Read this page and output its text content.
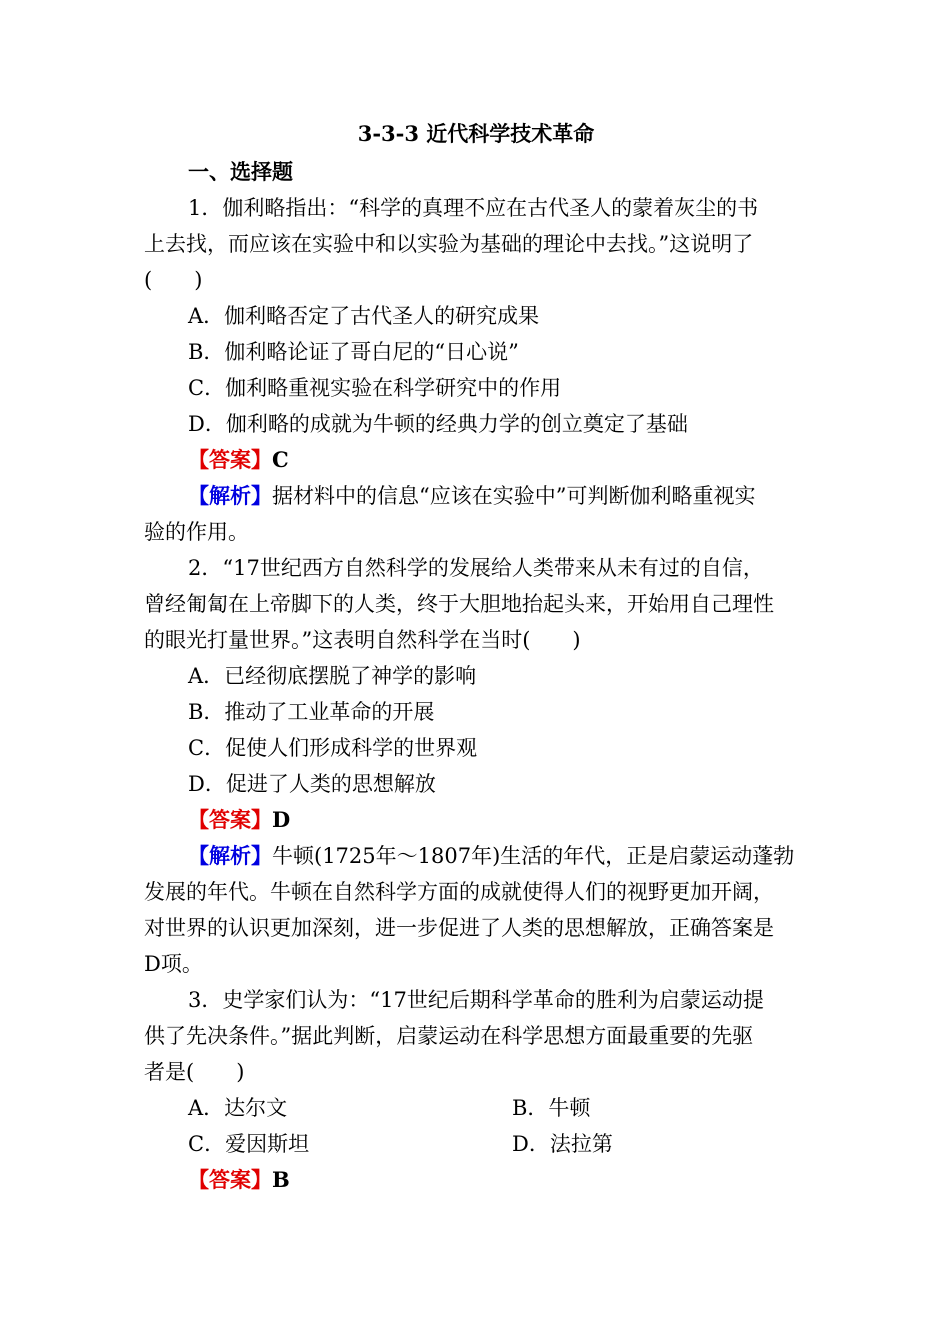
3-3-3 近代科学技术革命
一、选择题
1．伽利略指出：“科学的真理不应在古代圣人的蒙着灰尘的书
上去找，而应该在实验中和以实验为基础的理论中去找。”这说明了
(　　)
A．伽利略否定了古代圣人的研究成果
B．伽利略论证了哥白尼的“日心说”
C．伽利略重视实验在科学研究中的作用
D．伽利略的成就为牛顿的经典力学的创立奠定了基础
【答案】C
【解析】据材料中的信息“应该在实验中”可判断伽利略重视实
验的作用。
2．“17世纪西方自然科学的发展给人类带来从未有过的自信，
曾经匍匐在上帝脚下的人类，终于大胆地抬起头来，开始用自己理性
的眼光打量世界。”这表明自然科学在当时(　　)
A．已经彻底摆脱了神学的影响
B．推动了工业革命的开展
C．促使人们形成科学的世界观
D．促进了人类的思想解放
【答案】D
【解析】牛顿(1725年～1807年)生活的年代，正是启蒙运动蓬勃
发展的年代。牛顿在自然科学方面的成就使得人们的视野更加开阔，
对世界的认识更加深刻，进一步促进了人类的思想解放，正确答案是
D项。
3．史学家们认为：“17世纪后期科学革命的胜利为启蒙运动提
供了先决条件。”据此判断，启蒙运动在科学思想方面最重要的先驱
者是(　　)
A．达尔文	B．牛顿
C．爱因斯坦	D．法拉第
【答案】B
